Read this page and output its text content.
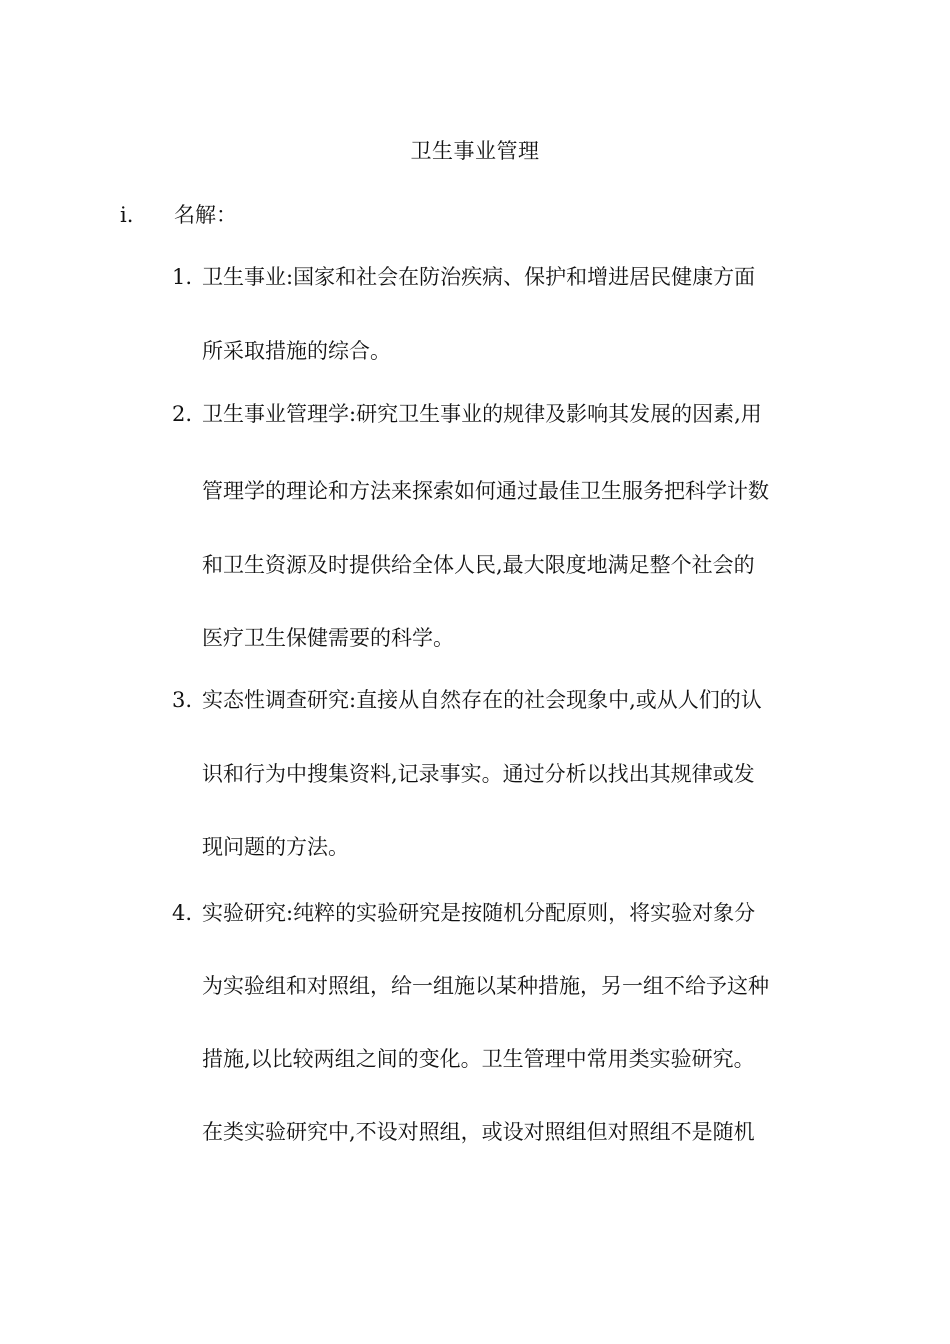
卫生事业管理
i. 名解：
1. 卫生事业:国家和社会在防治疾病、保护和增进居民健康方面
所采取措施的综合。
2. 卫生事业管理学:研究卫生事业的规律及影响其发展的因素,用
管理学的理论和方法来探索如何通过最佳卫生服务把科学计数
和卫生资源及时提供给全体人民,最大限度地满足整个社会的
医疗卫生保健需要的科学。
3. 实态性调查研究:直接从自然存在的社会现象中,或从人们的认
识和行为中搜集资料,记录事实。通过分析以找出其规律或发
现问题的方法。
4. 实验研究:纯粹的实验研究是按随机分配原则，将实验对象分
为实验组和对照组，给一组施以某种措施，另一组不给予这种
措施,以比较两组之间的变化。卫生管理中常用类实验研究。
在类实验研究中,不设对照组，或设对照组但对照组不是随机
